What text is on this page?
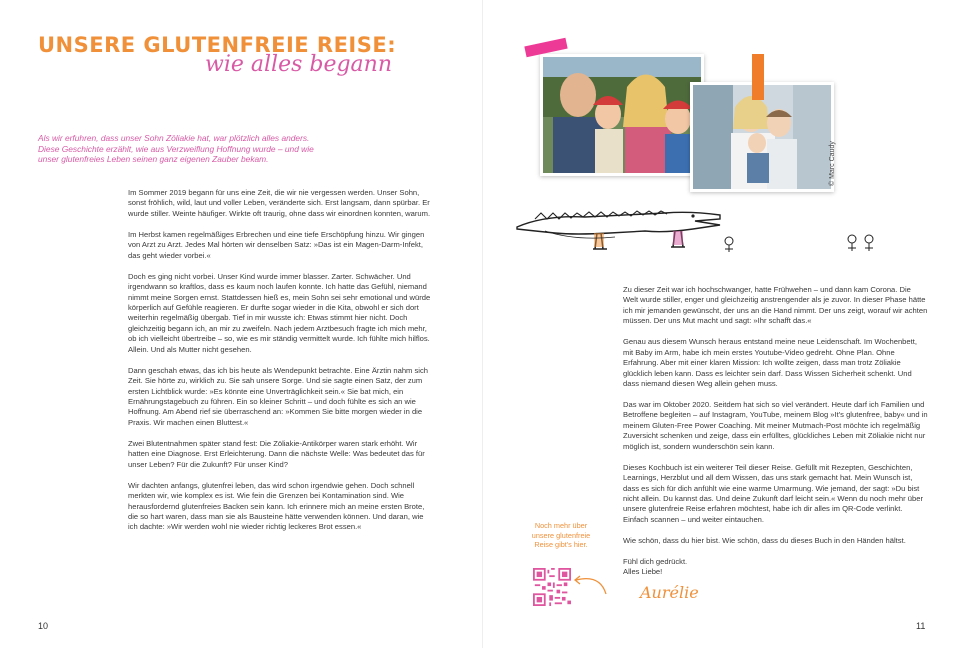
UNSERE GLUTENFREIE REISE:
wie alles begann

Als wir erfuhren, dass unser Sohn Zöliakie hat, war plötzlich alles anders.

Diese Geschichte erzählt, wie aus Verzweiflung Hoffnung wurde – und wie

unser glutenfreies Leben seinen ganz eigenen Zauber bekam.

Im Sommer 2019 begann für uns eine Zeit, die wir nie vergessen werden. Unser Sohn, sonst fröhlich, wild, laut und voller Leben, veränderte sich. Erst langsam, dann spürbar. Er wurde stiller. Weinte häufiger. Wirkte oft traurig, ohne dass wir einordnen konnten, warum.

Im Herbst kamen regelmäßiges Erbrechen und eine tiefe Erschöpfung hinzu. Wir gingen von Arzt zu Arzt. Jedes Mal hörten wir denselben Satz: »Das ist ein Magen-Darm-Infekt, das geht wieder vorbei.«

Doch es ging nicht vorbei. Unser Kind wurde immer blasser. Zarter. Schwächer. Und irgendwann so kraftlos, dass es kaum noch laufen konnte. Ich hatte das Gefühl, niemand nimmt meine Sorgen ernst. Stattdessen hieß es, mein Sohn sei sehr emotional und würde körperlich auf Gefühle reagieren. Er durfte sogar wieder in die Kita, obwohl er sich dort weiterhin regelmäßig übergab. Tief in mir wusste ich: Etwas stimmt hier nicht. Doch gleichzeitig begann ich, an mir zu zweifeln. Nach jedem Arztbesuch fragte ich mich mehr, ob ich vielleicht übertreibe – so, wie es mir ständig vermittelt wurde. Ich fühlte mich hilflos. Allein. Und als Mutter nicht gesehen.

Dann geschah etwas, das ich bis heute als Wendepunkt betrachte. Eine Ärztin nahm sich Zeit. Sie hörte zu, wirklich zu. Sie sah unsere Sorge. Und sie sagte einen Satz, der zum ersten Lichtblick wurde: »Es könnte eine Unverträglichkeit sein.« Sie bat mich, ein Ernährungstagebuch zu führen. Ein so kleiner Schritt – und doch fühlte es sich an wie Hoffnung. Am Abend rief sie überraschend an: »Kommen Sie bitte morgen wieder in die Praxis. Wir machen einen Bluttest.«

Zwei Blutentnahmen später stand fest: Die Zöliakie-Antikörper waren stark erhöht. Wir hatten eine Diagnose. Erst Erleichterung. Dann die nächste Welle: Was bedeutet das für unser Leben? Für die Zukunft? Für unser Kind?

Wir dachten anfangs, glutenfrei leben, das wird schon irgendwie gehen. Doch schnell merkten wir, wie komplex es ist. Wie fein die Grenzen bei Kontamination sind. Wie herausfordernd glutenfreies Backen sein kann. Ich erinnere mich an meine ersten Brote, die so hart waren, dass man sie als Bausteine hätte verwenden können. Und daran, wie ich dachte: »Wir werden wohl nie wieder richtig leckeres Brot essen.«

10
© Marc Caudy

Zu dieser Zeit war ich hochschwanger, hatte Frühwehen – und dann kam Corona. Die Welt wurde stiller, enger und gleichzeitig anstrengender als je zuvor. In dieser Phase hätte ich mir jemanden gewünscht, der uns an die Hand nimmt. Der uns zeigt, worauf wir achten müssen. Der uns Mut macht und sagt: »Ihr schafft das.«

Genau aus diesem Wunsch heraus entstand meine neue Leidenschaft. Im Wochenbett, mit Baby im Arm, habe ich mein erstes Youtube-Video gedreht. Ohne Plan. Ohne Erfahrung. Aber mit einer klaren Mission: Ich wollte zeigen, dass man trotz Zöliakie glücklich leben kann. Dass es leichter sein darf. Dass Wissen Sicherheit schenkt. Und dass niemand diesen Weg allein gehen muss.

Das war im Oktober 2020. Seitdem hat sich so viel verändert. Heute darf ich Familien und Betroffene begleiten – auf Instagram, YouTube, meinem Blog »It's glutenfree, baby« und in meinem Gluten-Free Power Coaching. Mit meiner Mutmach-Post möchte ich regelmäßig Zuversicht schenken und zeige, dass ein erfülltes, glückliches Leben mit Zöliakie nicht nur möglich ist, sondern wunderschön sein kann.

Dieses Kochbuch ist ein weiterer Teil dieser Reise. Gefüllt mit Rezepten, Geschichten, Learnings, Herzblut und all dem Wissen, das uns stark gemacht hat. Mein Wunsch ist, dass es sich für dich anfühlt wie eine warme Umarmung. Wie jemand, der sagt: »Du bist nicht allein. Du kannst das. Und deine Zukunft darf leicht sein.« Wenn du noch mehr über unsere glutenfreie Reise erfahren möchtest, habe ich dir alles im QR-Code verlinkt. Einfach scannen – und weiter eintauchen.

Wie schön, dass du hier bist. Wie schön, dass du dieses Buch in den Händen hältst.

Fühl dich gedrückt.
Alles Liebe!
Aurélie
Noch mehr über
unsere glutenfreie
Reise gibt's hier.
11
